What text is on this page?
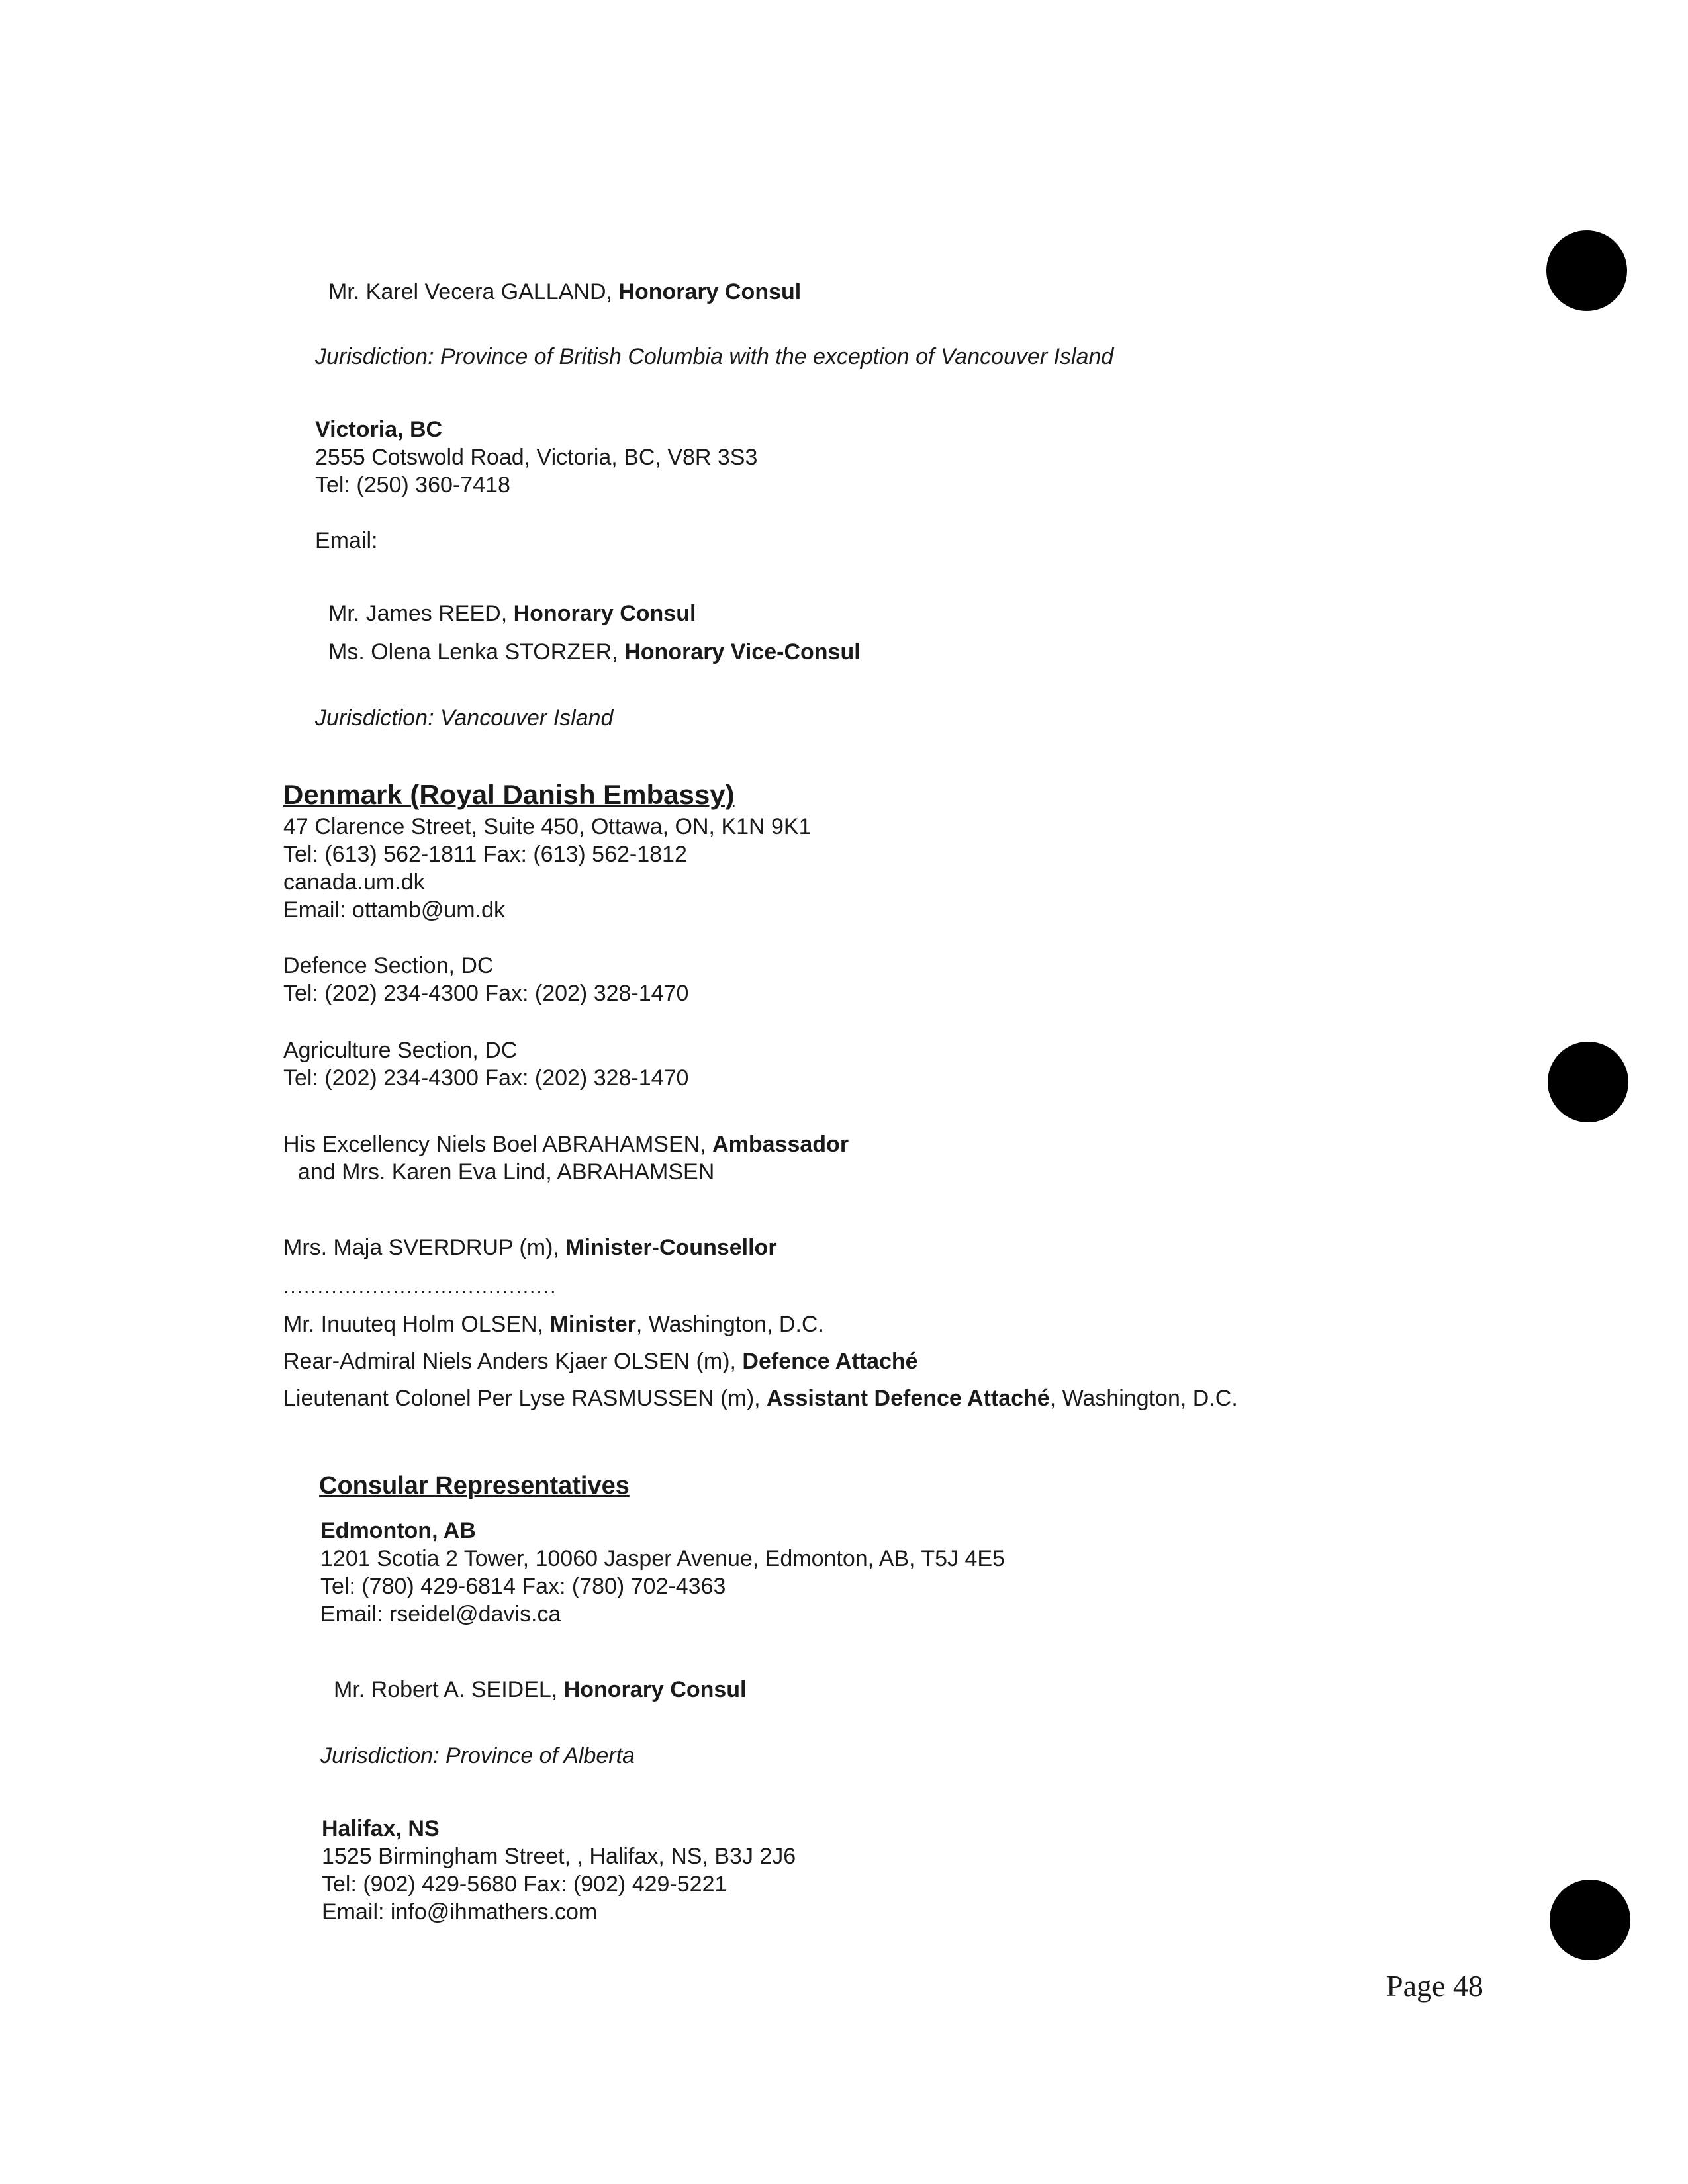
Mr. Karel Vecera GALLAND, Honorary Consul
Jurisdiction: Province of British Columbia with the exception of Vancouver Island
Victoria, BC
2555 Cotswold Road, Victoria, BC, V8R 3S3
Tel: (250) 360-7418
Email:
Mr. James REED, Honorary Consul
Ms. Olena Lenka STORZER, Honorary Vice-Consul
Jurisdiction: Vancouver Island
Denmark (Royal Danish Embassy)
47 Clarence Street, Suite 450, Ottawa, ON, K1N 9K1
Tel: (613) 562-1811 Fax: (613) 562-1812
canada.um.dk
Email: ottamb@um.dk
Defence Section, DC
Tel: (202) 234-4300 Fax: (202) 328-1470
Agriculture Section, DC
Tel: (202) 234-4300 Fax: (202) 328-1470
His Excellency Niels Boel ABRAHAMSEN, Ambassador
and Mrs. Karen Eva Lind, ABRAHAMSEN
Mrs. Maja SVERDRUP (m), Minister-Counsellor
........................................
Mr. Inuuteq Holm OLSEN, Minister, Washington, D.C.
Rear-Admiral Niels Anders Kjaer OLSEN (m), Defence Attaché
Lieutenant Colonel Per Lyse RASMUSSEN (m), Assistant Defence Attaché, Washington, D.C.
Consular Representatives
Edmonton, AB
1201 Scotia 2 Tower, 10060 Jasper Avenue, Edmonton, AB, T5J 4E5
Tel: (780) 429-6814 Fax: (780) 702-4363
Email: rseidel@davis.ca
Mr. Robert A. SEIDEL, Honorary Consul
Jurisdiction: Province of Alberta
Halifax, NS
1525 Birmingham Street, , Halifax, NS, B3J 2J6
Tel: (902) 429-5680 Fax: (902) 429-5221
Email: info@ihmathers.com
Page 48
